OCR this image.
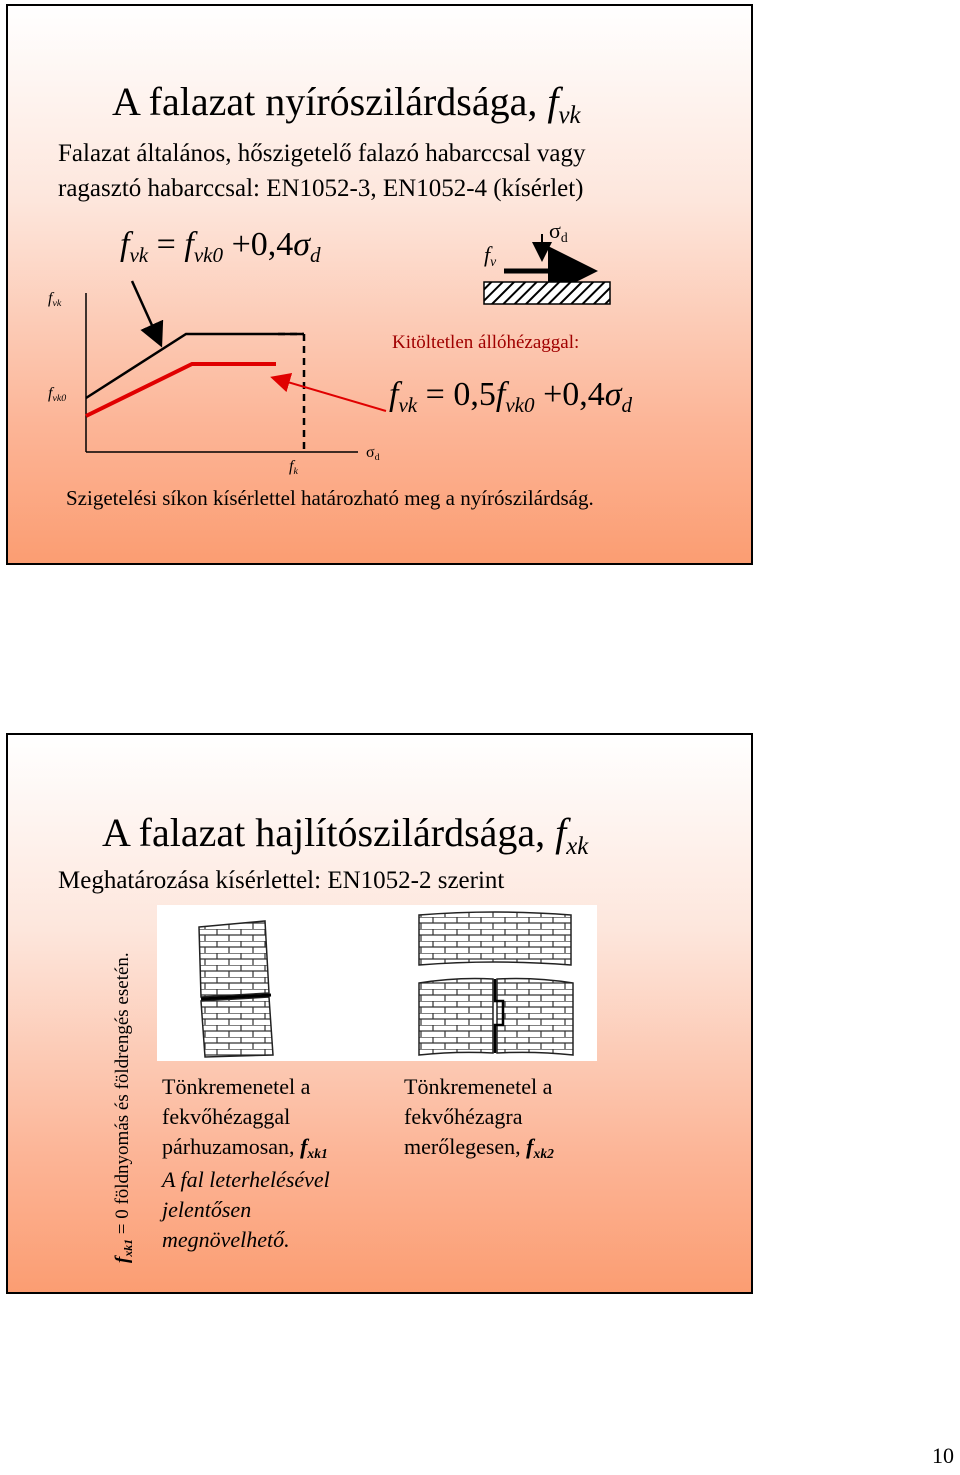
A falazat nyírószilárdsága, fvk
Falazat általános, hőszigetelő falazó habarccsal vagy
ragasztó habarccsal: EN1052-3, EN1052-4 (kísérlet)
fvk = fvk0 +0,4σd
fvk
fvk0
fk
σd
fv
σd
Kitöltetlen állóhézaggal:
fvk = 0,5fvk0 +0,4σd
Szigetelési síkon kísérlettel határozható meg a nyírószilárdság.
A falazat hajlítószilárdsága, fxk
Meghatározása kísérlettel: EN1052-2 szerint
fxk1 = 0 földnyomás és földrengés esetén. Tönkremenetel a
fekvőhézaggal
párhuzamosan, fxk1
A fal leterhelésével
jelentősen
megnövelhető.
Tönkremenetel a
fekvőhézagra
merőlegesen, fxk2
10
